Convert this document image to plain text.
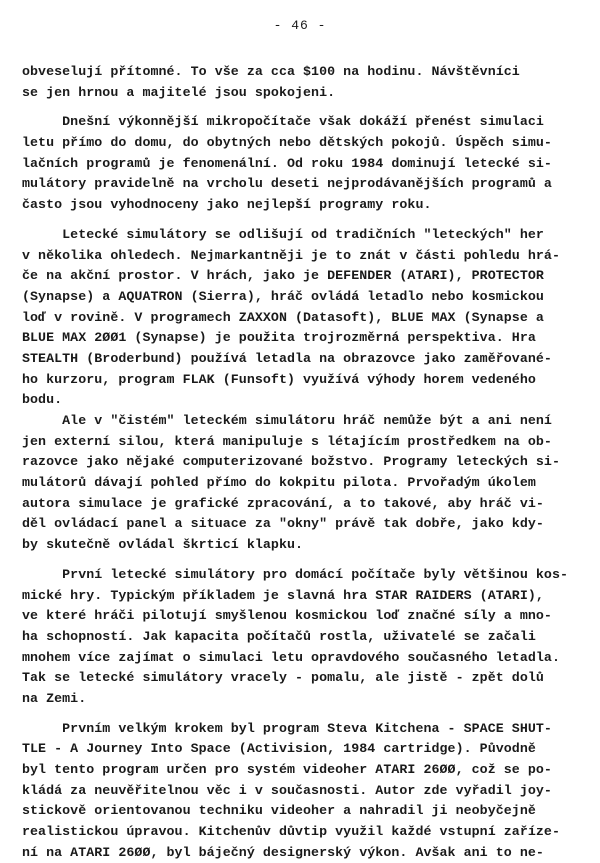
- 46 -
obveselují přítomné. To vše za cca $100 na hodinu. Návštěvníci
se jen hrnou a majitelé jsou spokojeni.
Dnešní výkonnější mikropočítače však dokáží přenést simulaci
letu přímo do domu, do obytných nebo dětských pokojů. Úspěch simu-
lačních programů je fenomenální. Od roku 1984 dominují letecké si-
mulátory pravidelně na vrcholu deseti nejprodávanějších programů a
často jsou vyhodnoceny jako nejlepší programy roku.
Letecké simulátory se odlišují od tradičních "leteckých" her
v několika ohledech. Nejmarkantněji je to znát v části pohledu hrá-
če na akční prostor. V hrách, jako je DEFENDER (ATARI), PROTECTOR
(Synapse) a AQUATRON (Sierra), hráč ovládá letadlo nebo kosmickou
loď v rovině. V programech ZAXXON (Datasoft), BLUE MAX (Synapse a
BLUE MAX 2ØØ1 (Synapse) je použita trojrozměrná perspektiva. Hra
STEALTH (Broderbund) používá letadla na obrazovce jako zaměřované-
ho kurzoru, program FLAK (Funsoft) využívá výhody horem vedeného
bodu.
Ale v "čistém" leteckém simulátoru hráč nemůže být a ani není
jen externí silou, která manipuluje s létajícím prostředkem na ob-
razovce jako nějaké computerizované božstvo. Programy leteckých si-
mulátorů dávají pohled přímo do kokpitu pilota. Prvořadým úkolem
autora simulace je grafické zpracování, a to takové, aby hráč vi-
děl ovládací panel a situace za "okny" právě tak dobře, jako kdy-
by skutečně ovládal škrticí klapku.
První letecké simulátory pro domácí počítače byly většinou kos-
mické hry. Typickým příkladem je slavná hra STAR RAIDERS (ATARI),
ve které hráči pilotují smyšlenou kosmickou loď značné síly a mno-
ha schopností. Jak kapacita počítačů rostla, uživatelé se začali
mnohem více zajímat o simulaci letu opravdového současného letadla.
Tak se letecké simulátory vracely - pomalu, ale jistě - zpět dolů
na Zemi.
Prvním velkým krokem byl program Steva Kitchena - SPACE SHUT-
TLE - A Journey Into Space (Activision, 1984 cartridge). Původně
byl tento program určen pro systém videoher ATARI 26ØØ, což se po-
kládá za neuvěřitelnou věc i v současnosti. Autor zde vyřadil joy-
stickově orientovanou techniku videoher a nahradil ji neobyčejně
realistickou úpravou. Kitchenův důvtip využil každé vstupní zaříze-
ní na ATARI 26ØØ, byl báječný designerský výkon. Avšak ani to ne-
